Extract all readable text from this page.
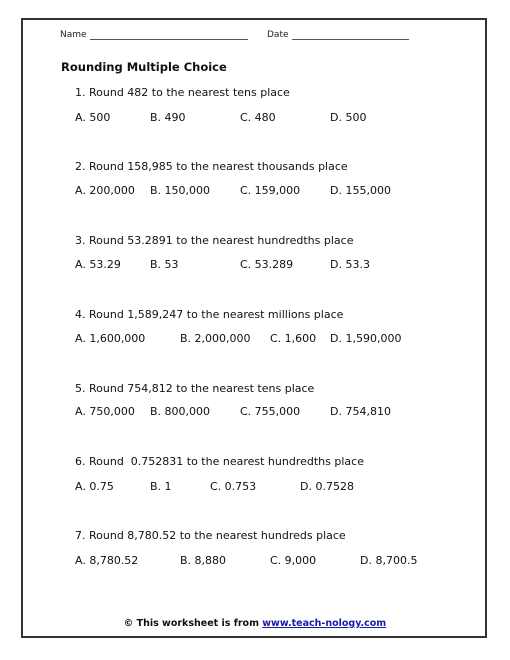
Name	Date
Rounding Multiple Choice
1. Round 482 to the nearest tens place
A. 500	B. 490	C. 480	D. 500
2. Round 158,985 to the nearest thousands place
A. 200,000 B. 150,000	C. 159,000	D. 155,000
3. Round 53.2891 to the nearest hundredths place
A. 53.29	B. 53	C. 53.289	D. 53.3
4. Round 1,589,247 to the nearest millions place
A. 1,600,000	B. 2,000,000 C. 1,600 D. 1,590,000
5. Round 754,812 to the nearest tens place
A. 750,000 B. 800,000	C. 755,000	D. 754,810
6. Round  0.752831 to the nearest hundredths place
A. 0.75	B. 1	C. 0.753	D. 0.7528
7. Round 8,780.52 to the nearest hundreds place
A. 8,780.52	B. 8,880	C. 9,000	D. 8,700.5
© This worksheet is from www.teach-nology.com
